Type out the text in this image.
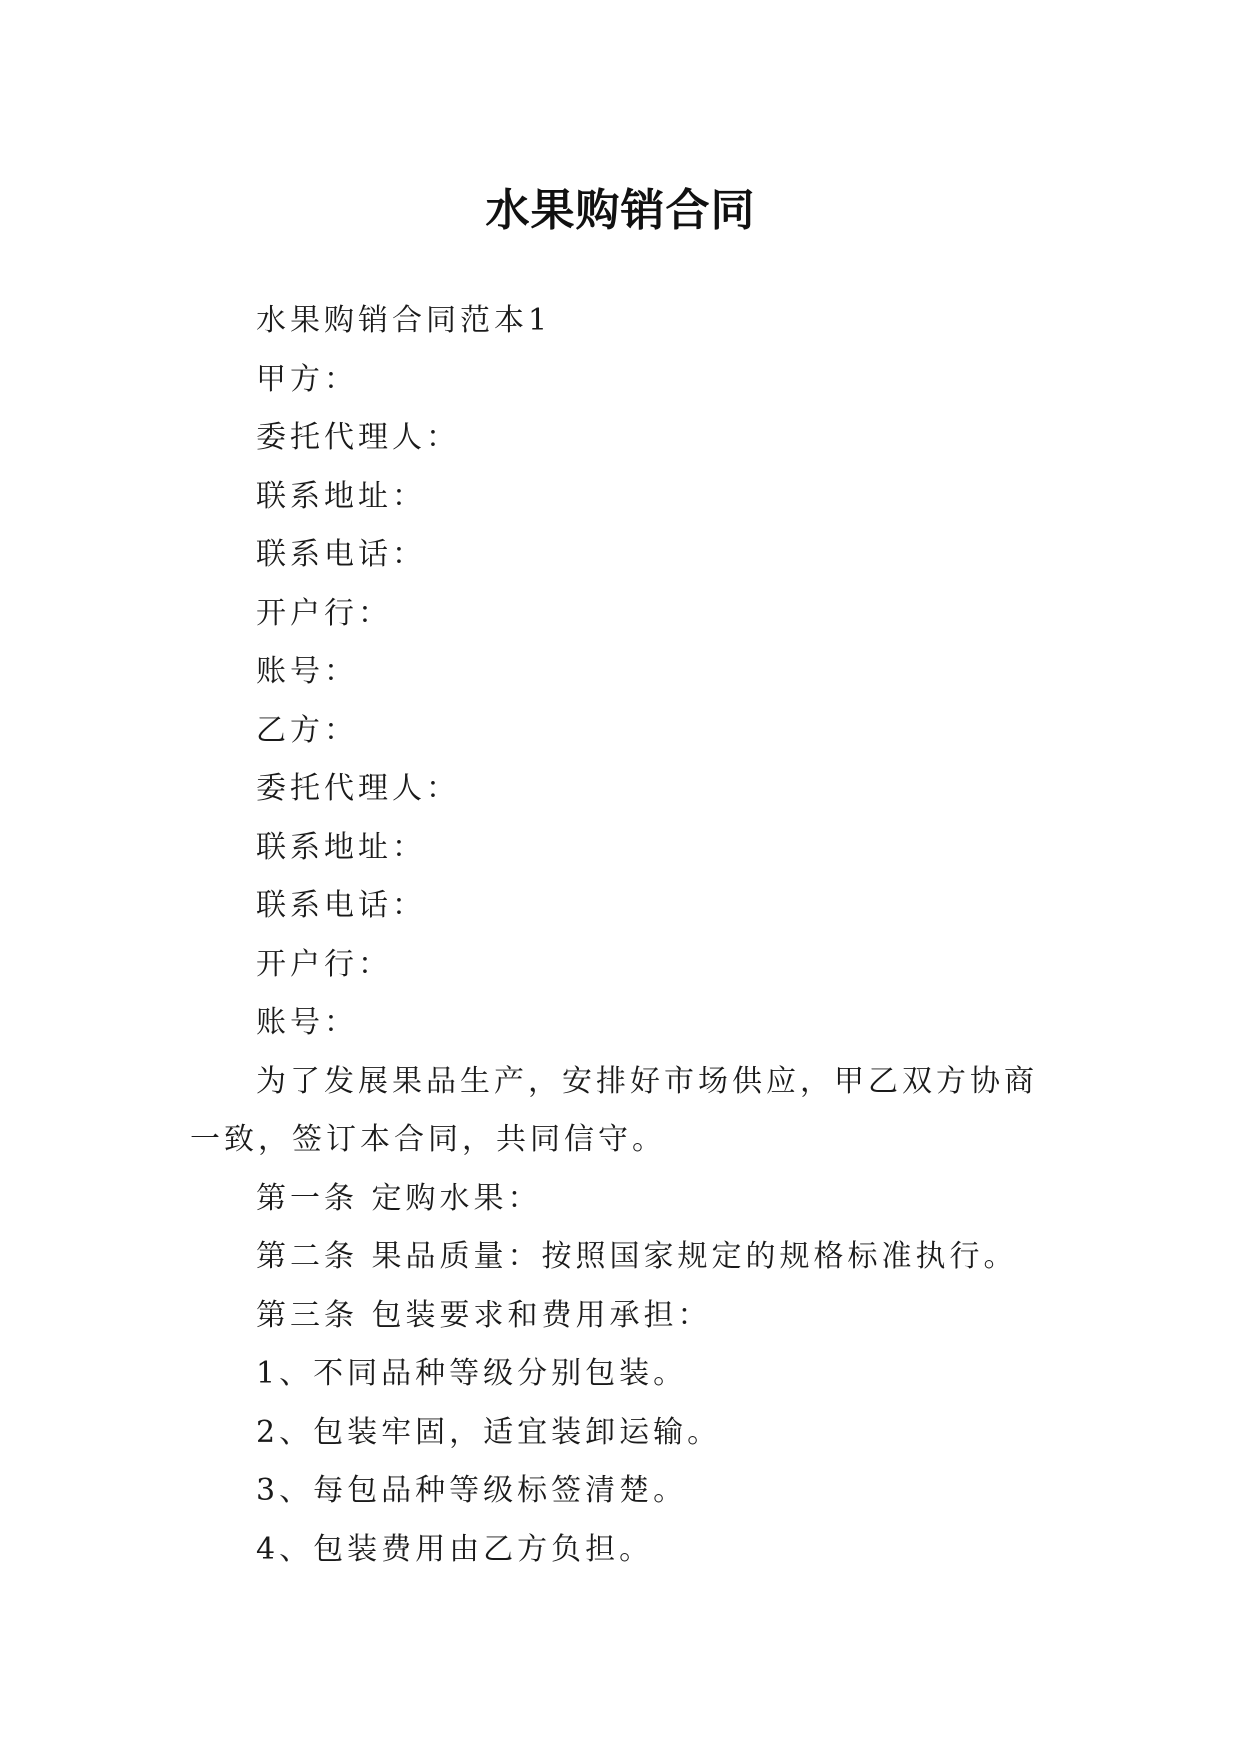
水果购销合同

水果购销合同范本1

甲方：

委托代理人：

联系地址：

联系电话：

开户行：

账号：

乙方：

委托代理人：

联系地址：

联系电话：

开户行：

账号：

为了发展果品生产，安排好市场供应，甲乙双方协商一致，签订本合同，共同信守。

第一条 定购水果：

第二条 果品质量：按照国家规定的规格标准执行。

第三条 包装要求和费用承担：

1、不同品种等级分别包装。

2、包装牢固，适宜装卸运输。

3、每包品种等级标签清楚。

4、包装费用由乙方负担。
